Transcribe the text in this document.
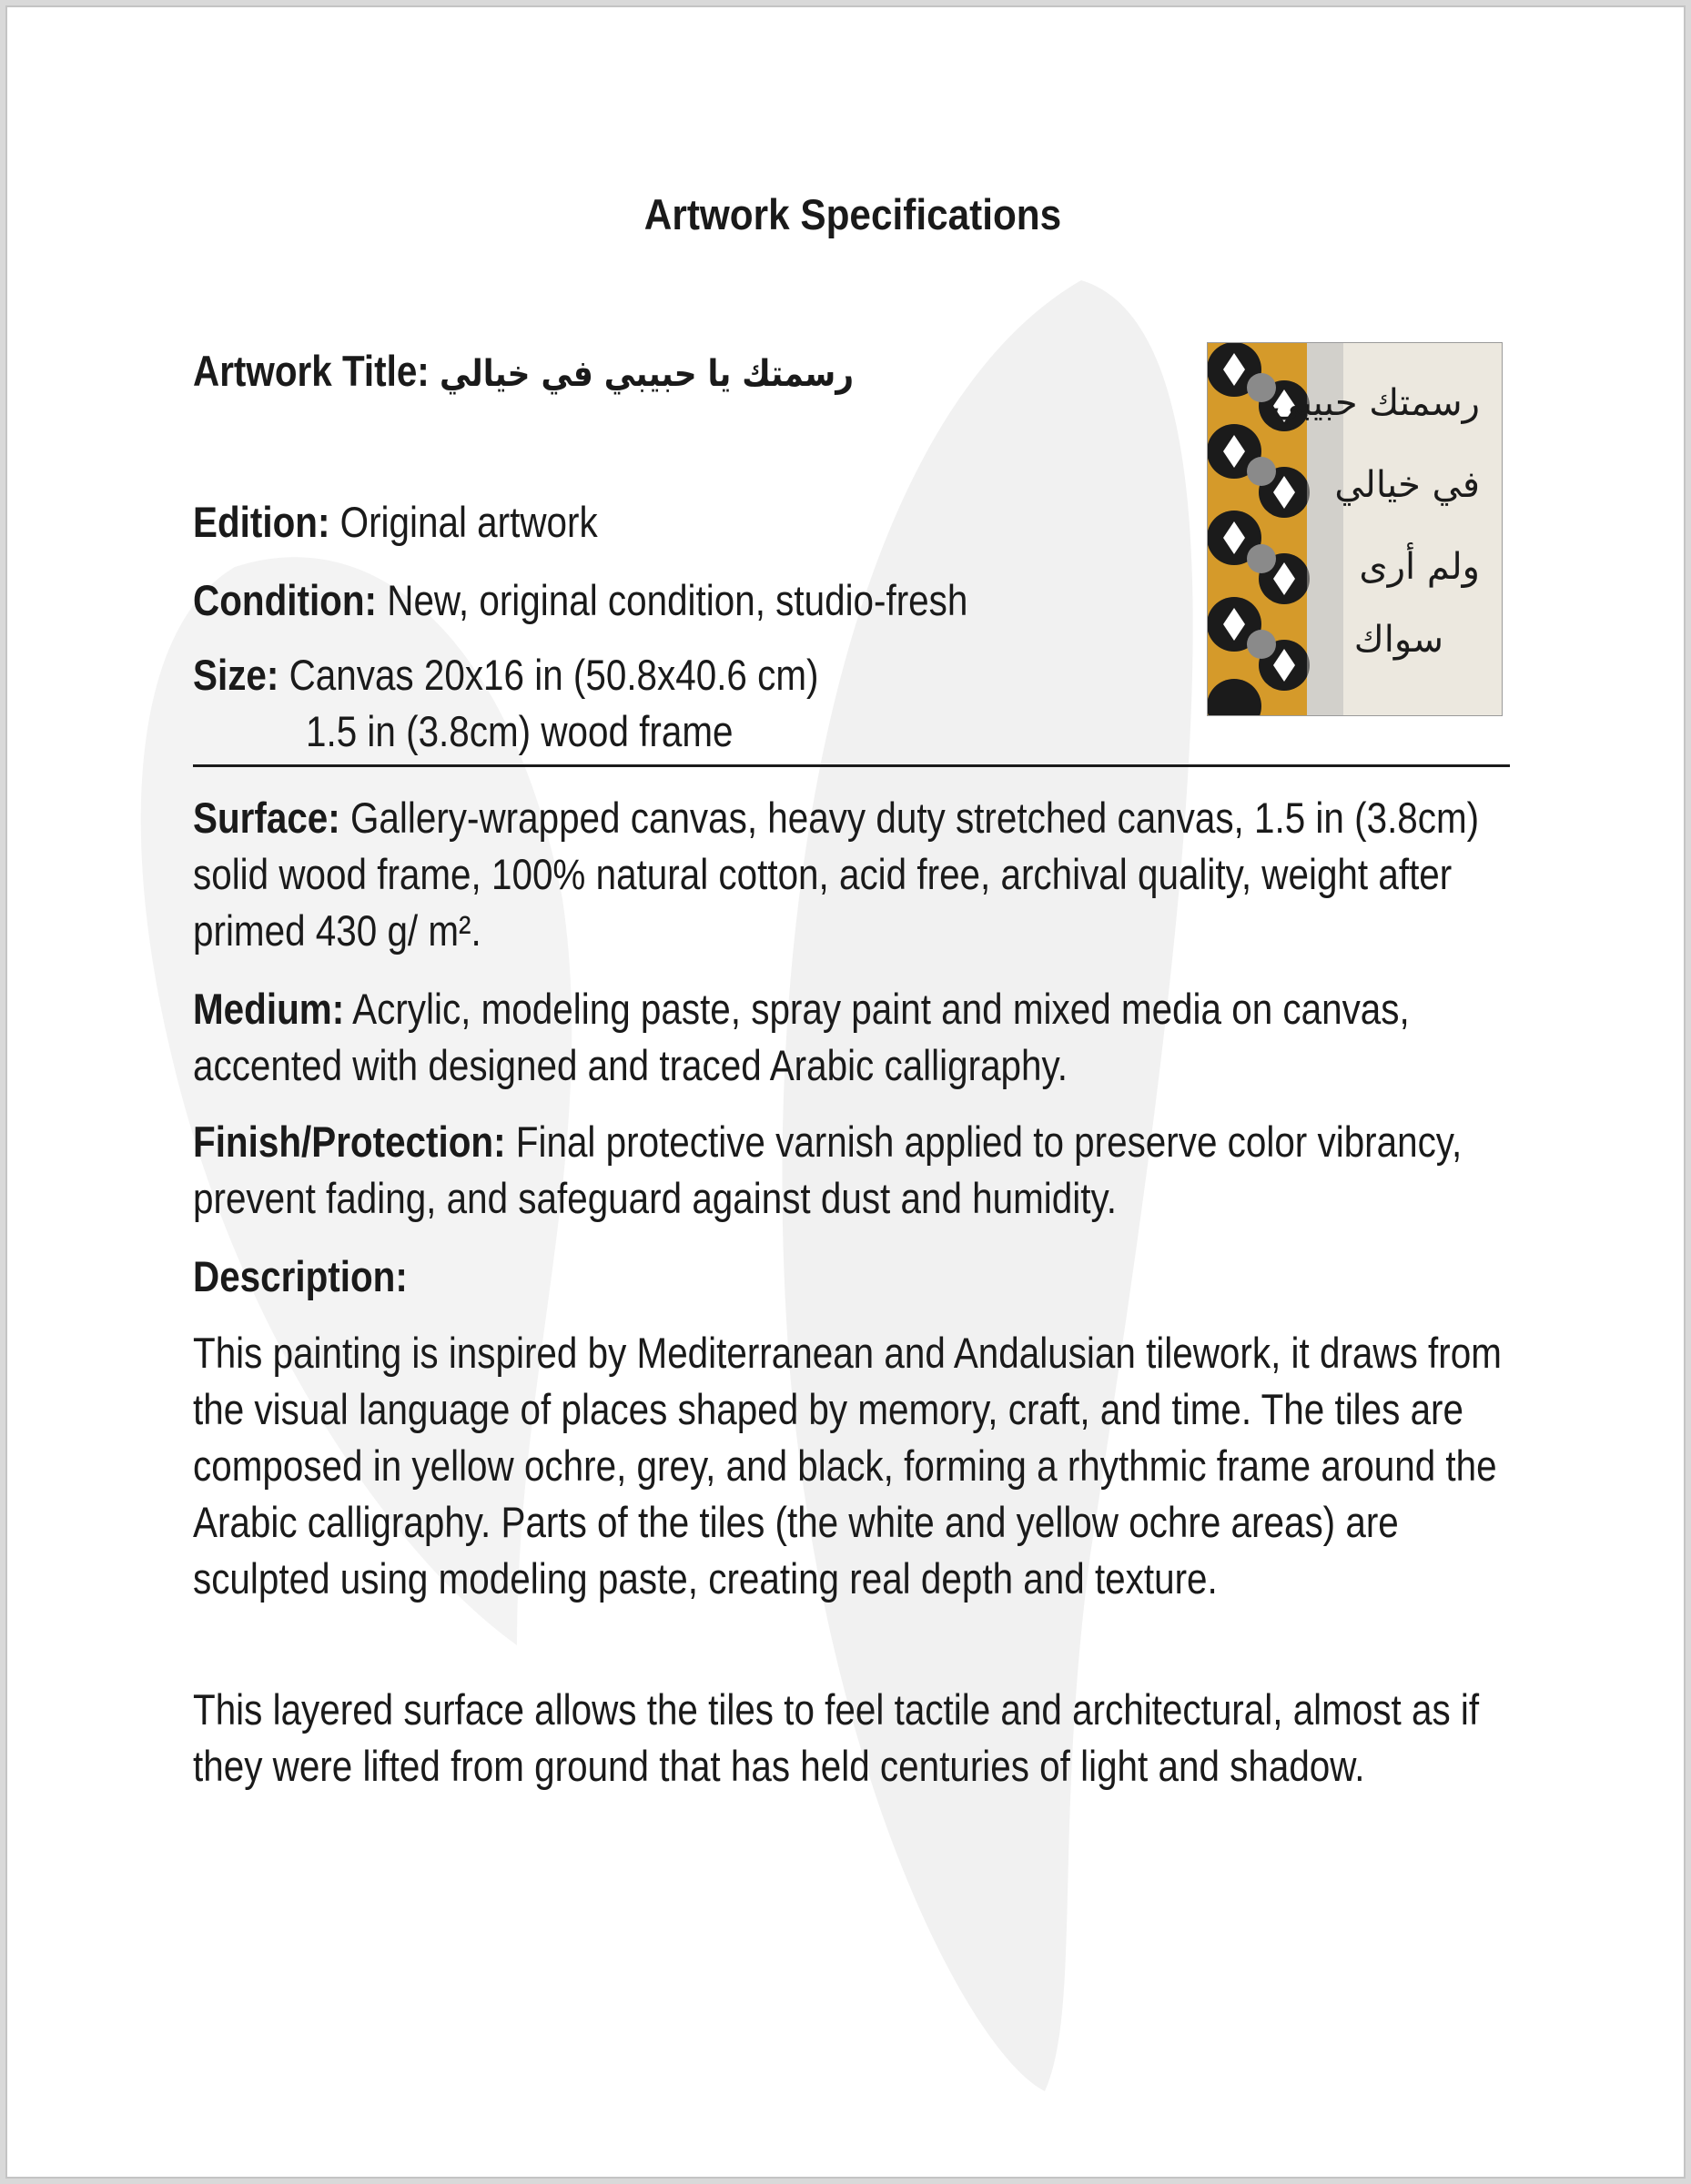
Artwork Specifications
Artwork Title: رسمتك يا حبيبي في خيالي
Edition: Original artwork
Condition: New, original condition, studio-fresh
Size: Canvas 20x16 in (50.8x40.6 cm)
1.5 in (3.8cm) wood frame
Surface: Gallery-wrapped canvas, heavy duty stretched canvas, 1.5 in (3.8cm) solid wood frame, 100% natural cotton, acid free, archival quality, weight after primed 430 g/ m².
Medium: Acrylic, modeling paste, spray paint and mixed media on canvas, accented with designed and traced Arabic calligraphy.
Finish/Protection: Final protective varnish applied to preserve color vibrancy, prevent fading, and safeguard against dust and humidity.
Description:
This painting is inspired by Mediterranean and Andalusian tilework, it draws from the visual language of places shaped by memory, craft, and time. The tiles are composed in yellow ochre, grey, and black, forming a rhythmic frame around the Arabic calligraphy. Parts of the tiles (the white and yellow ochre areas) are sculpted using modeling paste, creating real depth and texture.
This layered surface allows the tiles to feel tactile and architectural, almost as if they were lifted from ground that has held centuries of light and shadow.
رسمتك حبيبي
في خيالي
ولم أرى
سواك
